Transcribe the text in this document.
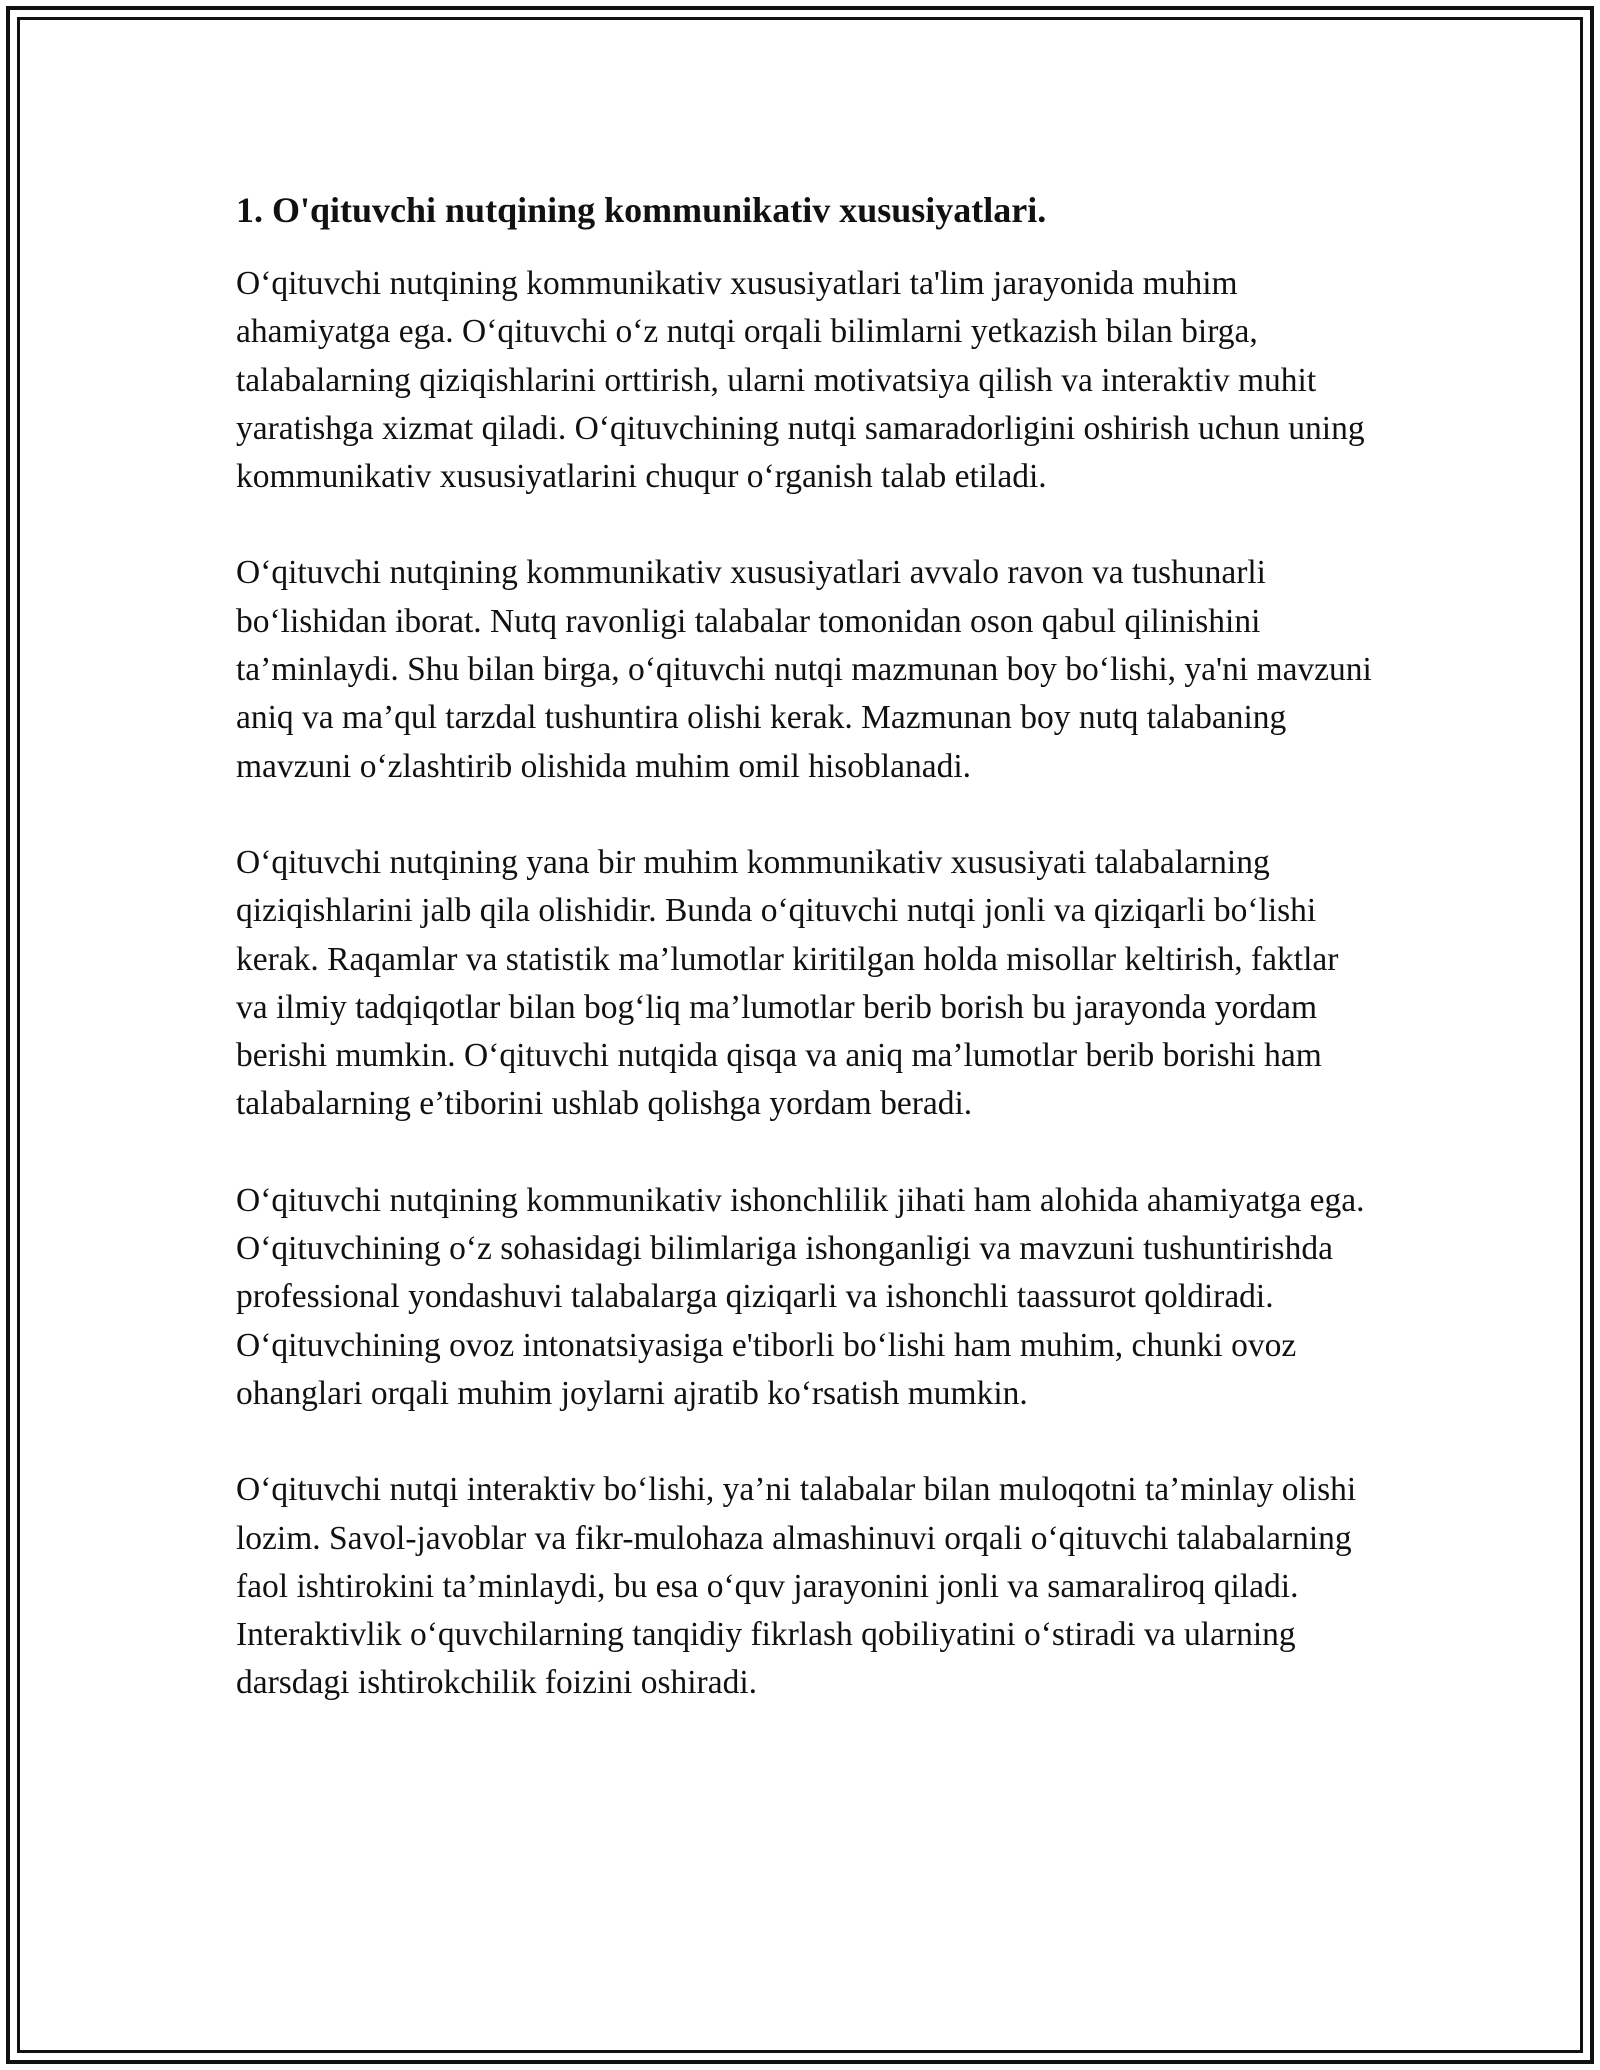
1. O'qituvchi nutqining kommunikativ xususiyatlari.

O‘qituvchi nutqining kommunikativ xususiyatlari ta'lim jarayonida muhim ahamiyatga ega. O‘qituvchi o‘z nutqi orqali bilimlarni yetkazish bilan birga, talabalarning qiziqishlarini orttirish, ularni motivatsiya qilish va interaktiv muhit yaratishga xizmat qiladi. O‘qituvchining nutqi samaradorligini oshirish uchun uning kommunikativ xususiyatlarini chuqur o‘rganish talab etiladi.

O‘qituvchi nutqining kommunikativ xususiyatlari avvalo ravon va tushunarli bo‘lishidan iborat. Nutq ravonligi talabalar tomonidan oson qabul qilinishini ta’minlaydi. Shu bilan birga, o‘qituvchi nutqi mazmunan boy bo‘lishi, ya'ni mavzuni aniq va ma’qul tarzdal tushuntira olishi kerak. Mazmunan boy nutq talabaning mavzuni o‘zlashtirib olishida muhim omil hisoblanadi.

O‘qituvchi nutqining yana bir muhim kommunikativ xususiyati talabalarning qiziqishlarini jalb qila olishidir. Bunda o‘qituvchi nutqi jonli va qiziqarli bo‘lishi kerak. Raqamlar va statistik ma’lumotlar kiritilgan holda misollar keltirish, faktlar va ilmiy tadqiqotlar bilan bog‘liq ma’lumotlar berib borish bu jarayonda yordam berishi mumkin. O‘qituvchi nutqida qisqa va aniq ma’lumotlar berib borishi ham talabalarning e’tiborini ushlab qolishga yordam beradi.

O‘qituvchi nutqining kommunikativ ishonchlilik jihati ham alohida ahamiyatga ega. O‘qituvchining o‘z sohasidagi bilimlariga ishonganligi va mavzuni tushuntirishda professional yondashuvi talabalarga qiziqarli va ishonchli taassurot qoldiradi. O‘qituvchining ovoz intonatsiyasiga e'tiborli bo‘lishi ham muhim, chunki ovoz ohanglari orqali muhim joylarni ajratib ko‘rsatish mumkin.

O‘qituvchi nutqi interaktiv bo‘lishi, ya’ni talabalar bilan muloqotni ta’minlay olishi lozim. Savol-javoblar va fikr-mulohaza almashinuvi orqali o‘qituvchi talabalarning faol ishtirokini ta’minlaydi, bu esa o‘quv jarayonini jonli va samaraliroq qiladi. Interaktivlik o‘quvchilarning tanqidiy fikrlash qobiliyatini o‘stiradi va ularning darsdagi ishtirokchilik foizini oshiradi.
